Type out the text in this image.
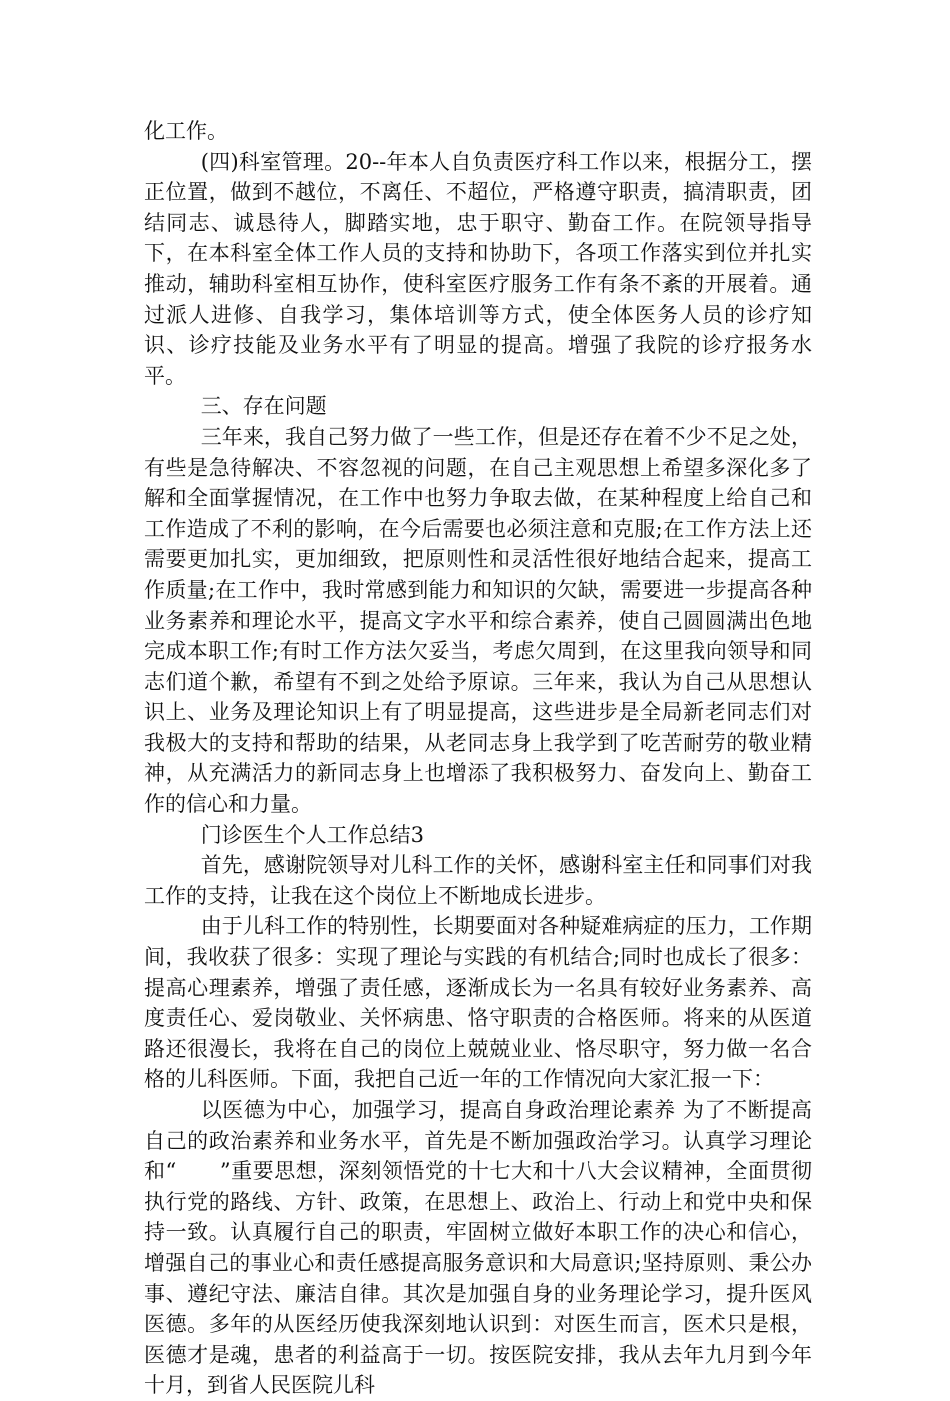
化工作。

(四)科室管理。20--年本人自负责医疗科工作以来，根据分工，摆正位置，做到不越位，不离任、不超位，严格遵守职责，搞清职责，团结同志、诚恳待人，脚踏实地，忠于职守、勤奋工作。在院领导指导下，在本科室全体工作人员的支持和协助下，各项工作落实到位并扎实推动，辅助科室相互协作，使科室医疗服务工作有条不紊的开展着。通过派人进修、自我学习，集体培训等方式，使全体医务人员的诊疗知识、诊疗技能及业务水平有了明显的提高。增强了我院的诊疗报务水平。

三、存在问题

三年来，我自己努力做了一些工作，但是还存在着不少不足之处，有些是急待解决、不容忽视的问题，在自己主观思想上希望多深化多了解和全面掌握情况，在工作中也努力争取去做，在某种程度上给自己和工作造成了不利的影响，在今后需要也必须注意和克服;在工作方法上还需要更加扎实，更加细致，把原则性和灵活性很好地结合起来，提高工作质量;在工作中，我时常感到能力和知识的欠缺，需要进一步提高各种业务素养和理论水平，提高文字水平和综合素养，使自己圆圆满出色地完成本职工作;有时工作方法欠妥当，考虑欠周到，在这里我向领导和同志们道个歉，希望有不到之处给予原谅。三年来，我认为自己从思想认识上、业务及理论知识上有了明显提高，这些进步是全局新老同志们对我极大的支持和帮助的结果，从老同志身上我学到了吃苦耐劳的敬业精神，从充满活力的新同志身上也增添了我积极努力、奋发向上、勤奋工作的信心和力量。

门诊医生个人工作总结3

首先，感谢院领导对儿科工作的关怀，感谢科室主任和同事们对我工作的支持，让我在这个岗位上不断地成长进步。

由于儿科工作的特别性，长期要面对各种疑难病症的压力，工作期间，我收获了很多：实现了理论与实践的有机结合;同时也成长了很多：提高心理素养，增强了责任感，逐渐成长为一名具有较好业务素养、高度责任心、爱岗敬业、关怀病患、恪守职责的合格医师。将来的从医道路还很漫长，我将在自己的岗位上兢兢业业、恪尽职守，努力做一名合格的儿科医师。下面，我把自己近一年的工作情况向大家汇报一下：

以医德为中心，加强学习，提高自身政治理论素养 为了不断提高自己的政治素养和业务水平，首先是不断加强政治学习。认真学习理论和“　　”重要思想，深刻领悟党的十七大和十八大会议精神，全面贯彻执行党的路线、方针、政策，在思想上、政治上、行动上和党中央和保持一致。认真履行自己的职责，牢固树立做好本职工作的决心和信心，增强自己的事业心和责任感提高服务意识和大局意识;坚持原则、秉公办事、遵纪守法、廉洁自律。其次是加强自身的业务理论学习，提升医风医德。多年的从医经历使我深刻地认识到：对医生而言，医术只是根，医德才是魂，患者的利益高于一切。按医院安排，我从去年九月到今年十月，到省人民医院儿科
